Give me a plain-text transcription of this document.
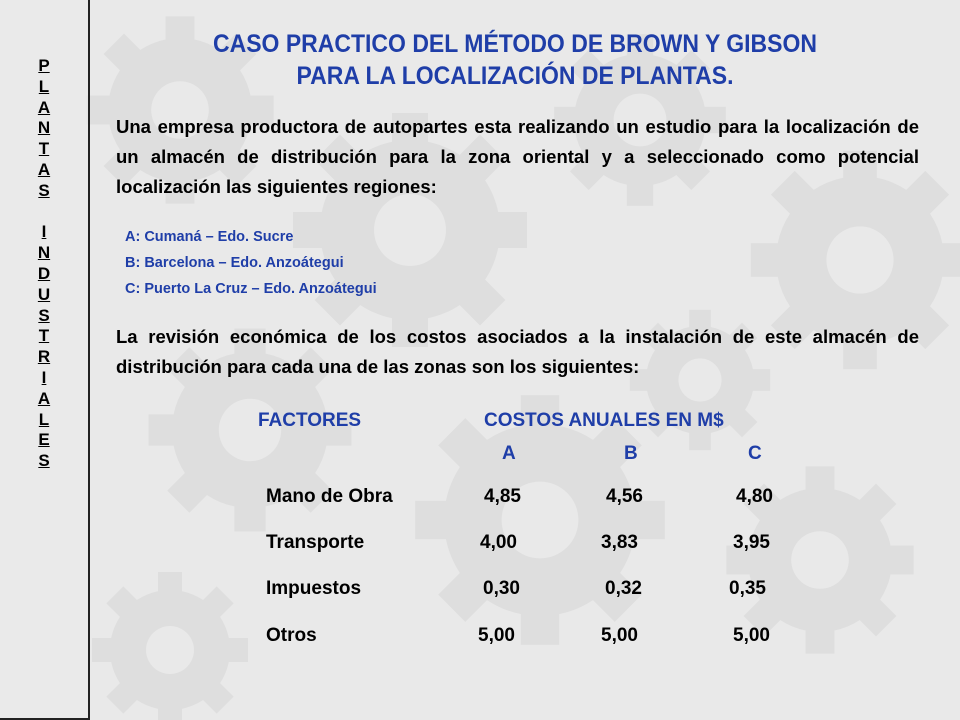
P
L
A
N
T
A
S
I
N
D
U
S
T
R
I
A
L
E
S
CASO PRACTICO DEL MÉTODO DE BROWN Y GIBSON
PARA LA LOCALIZACIÓN DE PLANTAS.
Una empresa productora de autopartes esta realizando un estudio para la localización de un almacén de distribución para la zona oriental y a seleccionado como potencial localización las siguientes regiones:
A: Cumaná – Edo. Sucre
B: Barcelona – Edo. Anzoátegui
C: Puerto La Cruz – Edo. Anzoátegui
La revisión económica de los costos asociados a la instalación de este almacén de distribución para cada una de las zonas son los siguientes:
FACTORES	COSTOS ANUALES EN M$
A	B	C
Mano de Obra	4,85	4,56	4,80
Transporte	4,00	3,83	3,95
Impuestos	0,30	0,32	0,35
Otros	5,00	5,00	5,00
